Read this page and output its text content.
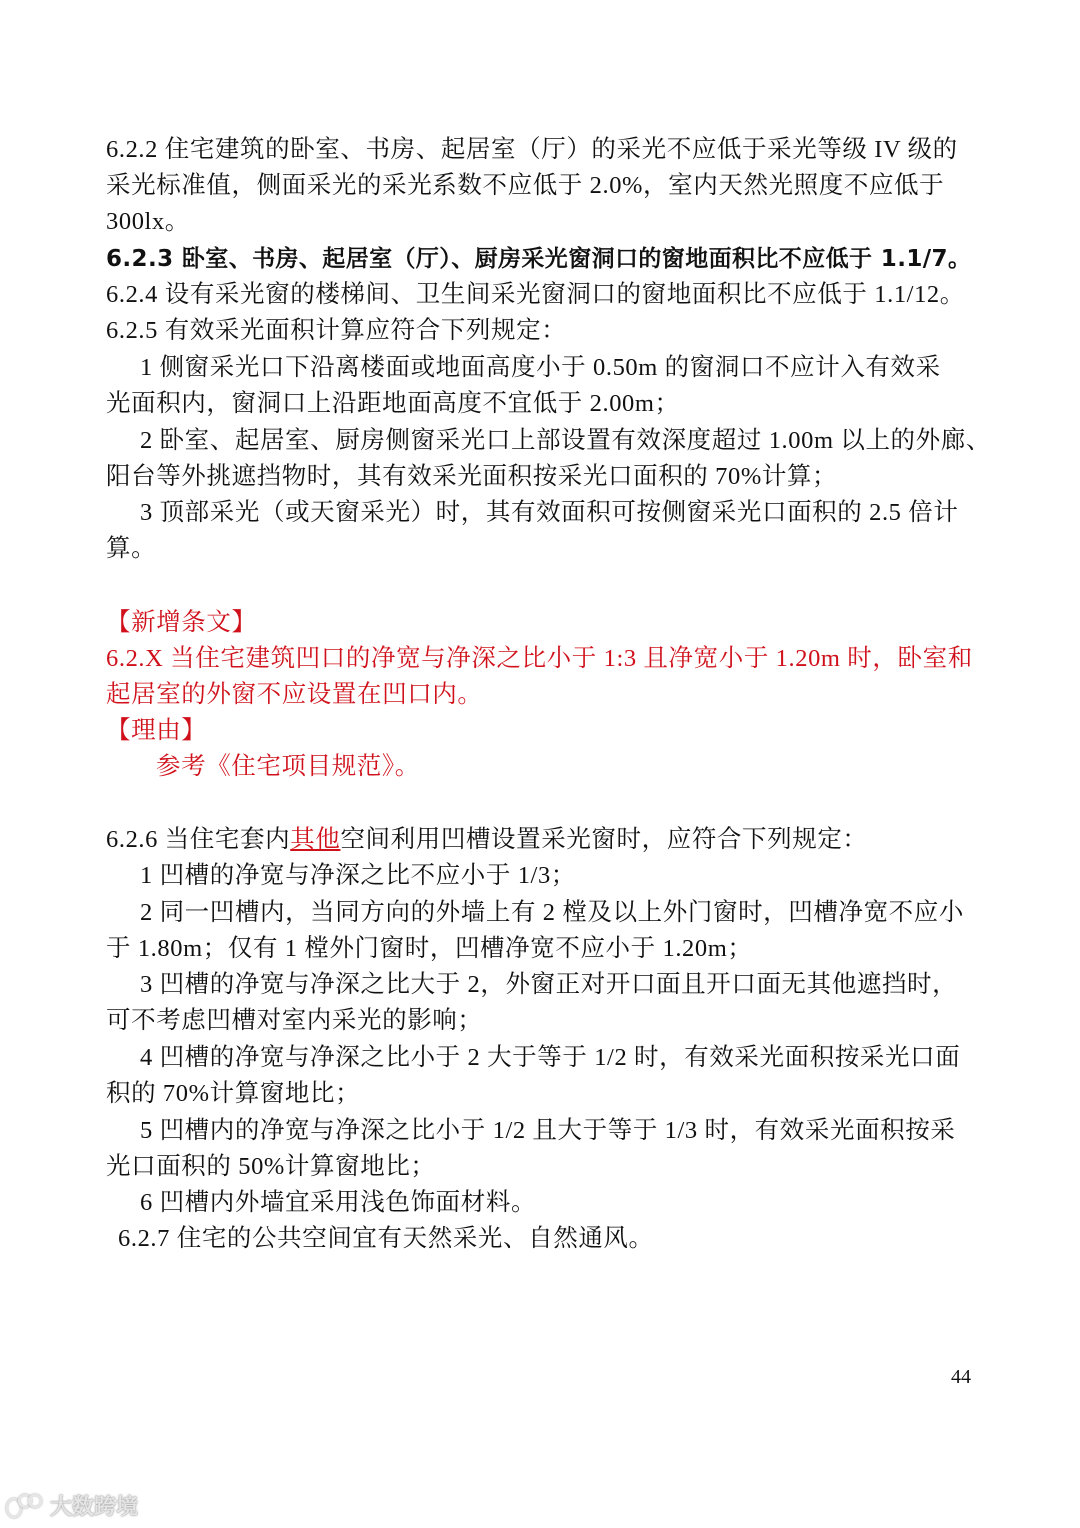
6.2.2 住宅建筑的卧室、书房、起居室（厅）的采光不应低于采光等级 IV 级的
采光标准值，侧面采光的采光系数不应低于 2.0%，室内天然光照度不应低于
300lx。
6.2.3 卧室、书房、起居室（厅）、厨房采光窗洞口的窗地面积比不应低于 1.1/7。
6.2.4 设有采光窗的楼梯间、卫生间采光窗洞口的窗地面积比不应低于 1.1/12。
6.2.5 有效采光面积计算应符合下列规定：
1 侧窗采光口下沿离楼面或地面高度小于 0.50m 的窗洞口不应计入有效采
光面积内，窗洞口上沿距地面高度不宜低于 2.00m；
2 卧室、起居室、厨房侧窗采光口上部设置有效深度超过 1.00m 以上的外廊、
阳台等外挑遮挡物时，其有效采光面积按采光口面积的 70%计算；
3 顶部采光（或天窗采光）时，其有效面积可按侧窗采光口面积的 2.5 倍计
算。
【新增条文】
6.2.X 当住宅建筑凹口的净宽与净深之比小于 1:3 且净宽小于 1.20m 时，卧室和
起居室的外窗不应设置在凹口内。
【理由】
参考《住宅项目规范》。
6.2.6 当住宅套内其他空间利用凹槽设置采光窗时，应符合下列规定：
1 凹槽的净宽与净深之比不应小于 1/3；
2 同一凹槽内，当同方向的外墙上有 2 樘及以上外门窗时，凹槽净宽不应小
于 1.80m；仅有 1 樘外门窗时，凹槽净宽不应小于 1.20m；
3 凹槽的净宽与净深之比大于 2，外窗正对开口面且开口面无其他遮挡时，
可不考虑凹槽对室内采光的影响；
4 凹槽的净宽与净深之比小于 2 大于等于 1/2 时，有效采光面积按采光口面
积的 70%计算窗地比；
5 凹槽内的净宽与净深之比小于 1/2 且大于等于 1/3 时，有效采光面积按采
光口面积的 50%计算窗地比；
6 凹槽内外墙宜采用浅色饰面材料。
6.2.7 住宅的公共空间宜有天然采光、自然通风。
44
大数跨境
